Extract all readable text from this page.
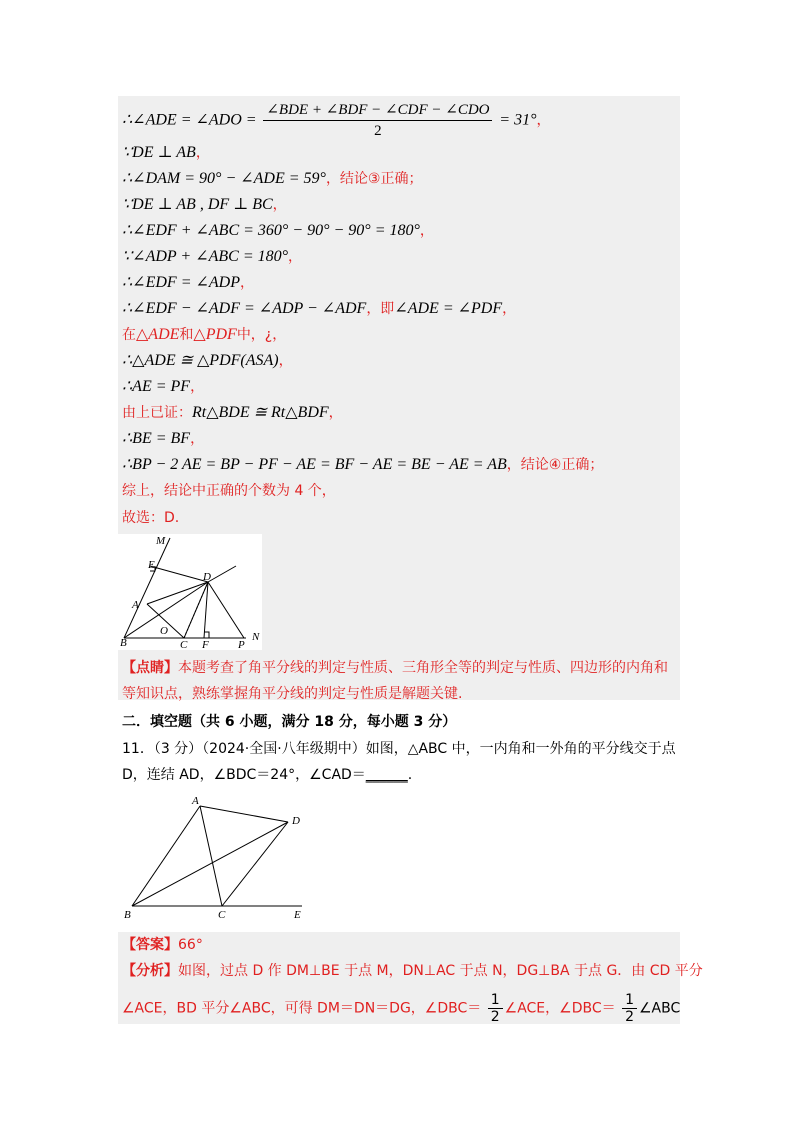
∴∠ADE = ∠ADO = $\frac{\text{∠BDE + ∠BDF − ∠CDF − ∠CDO}}{2} = 31^\circ$，
∵DE ⊥ AB，
∴∠DAM = 90° − ∠ADE = 59°，结论③正确；
∵DE ⊥ AB , DF ⊥ BC，
∴∠EDF + ∠ABC = 360° − 90° − 90° = 180°，
∵∠ADP + ∠ABC = 180°，
∴∠EDF = ∠ADP，
∴∠EDF − ∠ADF = ∠ADP − ∠ADF，即∠ADE = ∠PDF，
在△ADE和△PDF中，¿，
∴△ADE ≅ △PDF(ASA)，
∴AE = PF，
由上已证：Rt△BDE ≅ Rt△BDF，
∴BE = BF，
∴BP − 2 AE = BP − PF − AE = BF − AE = BE − AE = AB，结论④正确；
综上，结论中正确的个数为 4 个，
故选：D.
M
E
D
A
O
B	C F	P
N
【点睛】本题考查了角平分线的判定与性质、三角形全等的判定与性质、四边形的内角和
等知识点，熟练掌握角平分线的判定与性质是解题关键.
二．填空题（共 6 小题，满分 18 分，每小题 3 分）
11．（3 分）（2024·全国·八年级期中）如图，△ABC 中，一内角和一外角的平分线交于点
D，连结 AD，∠BDC＝24°，∠CAD＝______.
A
D
B	C	E
【答案】66°
【分析】如图，过点 D 作 DM⊥BE 于点 M，DN⊥AC 于点 N，DG⊥BA 于点 G．由 CD 平分
∠ACE，BD 平分∠ABC，可得 DM＝DN＝DG，∠DBC＝ $\frac{1}{2}$ ∠ACE，∠DBC＝ $\frac{1}{2}$ ∠ABC
